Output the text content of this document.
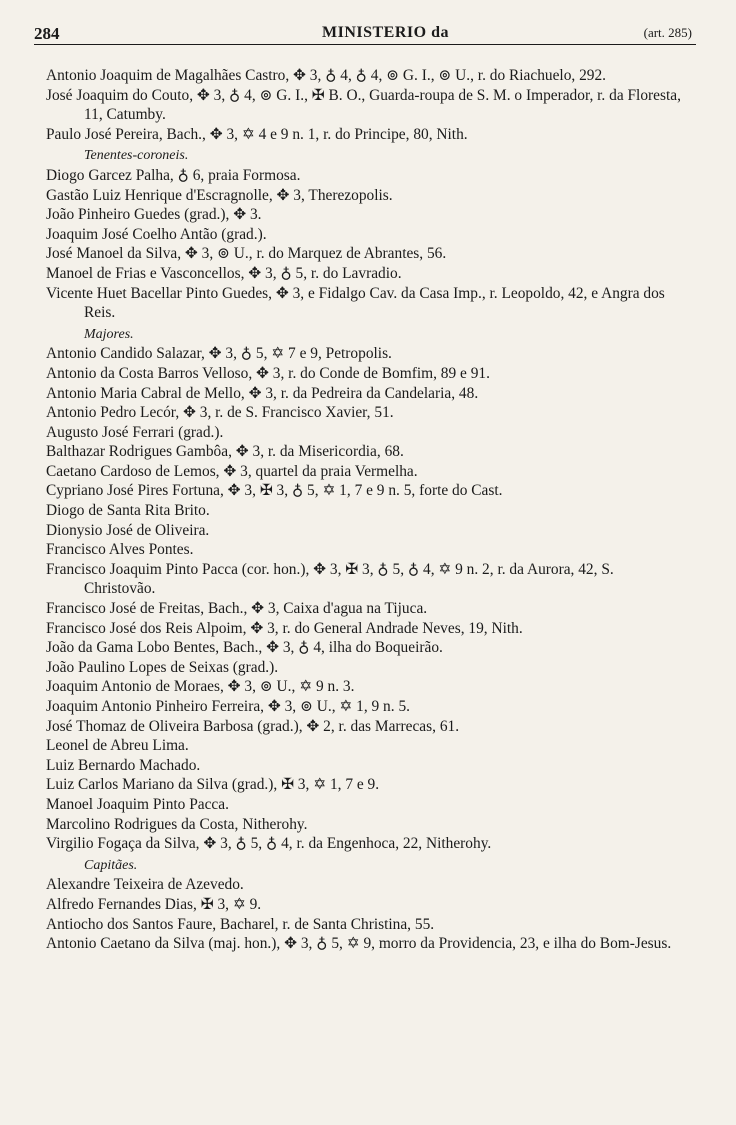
284	MINISTERIO da	(art. 285)

Antonio Joaquim de Magalhães Castro, ✥ 3, ♁ 4, ♁ 4, ⊚ G. I., ⊚ U., r. do Riachuelo, 292.

José Joaquim do Couto, ✥ 3, ♁ 4, ⊚ G. I., ✠ B. O., Guarda-roupa de S. M. o Imperador, r. da Floresta, 11, Catumby.

Paulo José Pereira, Bach., ✥ 3, ✡ 4 e 9 n. 1, r. do Principe, 80, Nith.

Tenentes-coroneis.

Diogo Garcez Palha, ♁ 6, praia Formosa.

Gastão Luiz Henrique d'Escragnolle, ✥ 3, Therezopolis.

João Pinheiro Guedes (grad.), ✥ 3.

Joaquim José Coelho Antão (grad.).

José Manoel da Silva, ✥ 3, ⊚ U., r. do Marquez de Abrantes, 56.

Manoel de Frias e Vasconcellos, ✥ 3, ♁ 5, r. do Lavradio.

Vicente Huet Bacellar Pinto Guedes, ✥ 3, e Fidalgo Cav. da Casa Imp., r. Leopoldo, 42, e Angra dos Reis.

Majores.

Antonio Candido Salazar, ✥ 3, ♁ 5, ✡ 7 e 9, Petropolis.

Antonio da Costa Barros Velloso, ✥ 3, r. do Conde de Bomfim, 89 e 91.

Antonio Maria Cabral de Mello, ✥ 3, r. da Pedreira da Candelaria, 48.

Antonio Pedro Lecór, ✥ 3, r. de S. Francisco Xavier, 51.

Augusto José Ferrari (grad.).

Balthazar Rodrigues Gambôa, ✥ 3, r. da Misericordia, 68.

Caetano Cardoso de Lemos, ✥ 3, quartel da praia Vermelha.

Cypriano José Pires Fortuna, ✥ 3, ✠ 3, ♁ 5, ✡ 1, 7 e 9 n. 5, forte do Cast.

Diogo de Santa Rita Brito.

Dionysio José de Oliveira.

Francisco Alves Pontes.

Francisco Joaquim Pinto Pacca (cor. hon.), ✥ 3, ✠ 3, ♁ 5, ♁ 4, ✡ 9 n. 2, r. da Aurora, 42, S. Christovão.

Francisco José de Freitas, Bach., ✥ 3, Caixa d'agua na Tijuca.

Francisco José dos Reis Alpoim, ✥ 3, r. do General Andrade Neves, 19, Nith.

João da Gama Lobo Bentes, Bach., ✥ 3, ♁ 4, ilha do Boqueirão.

João Paulino Lopes de Seixas (grad.).

Joaquim Antonio de Moraes, ✥ 3, ⊚ U., ✡ 9 n. 3.

Joaquim Antonio Pinheiro Ferreira, ✥ 3, ⊚ U., ✡ 1, 9 n. 5.

José Thomaz de Oliveira Barbosa (grad.), ✥ 2, r. das Marrecas, 61.

Leonel de Abreu Lima.

Luiz Bernardo Machado.

Luiz Carlos Mariano da Silva (grad.), ✠ 3, ✡ 1, 7 e 9.

Manoel Joaquim Pinto Pacca.

Marcolino Rodrigues da Costa, Nitherohy.

Virgilio Fogaça da Silva, ✥ 3, ♁ 5, ♁ 4, r. da Engenhoca, 22, Nitherohy.

Capitães.

Alexandre Teixeira de Azevedo.

Alfredo Fernandes Dias, ✠ 3, ✡ 9.

Antiocho dos Santos Faure, Bacharel, r. de Santa Christina, 55.

Antonio Caetano da Silva (maj. hon.), ✥ 3, ♁ 5, ✡ 9, morro da Providencia, 23, e ilha do Bom-Jesus.
